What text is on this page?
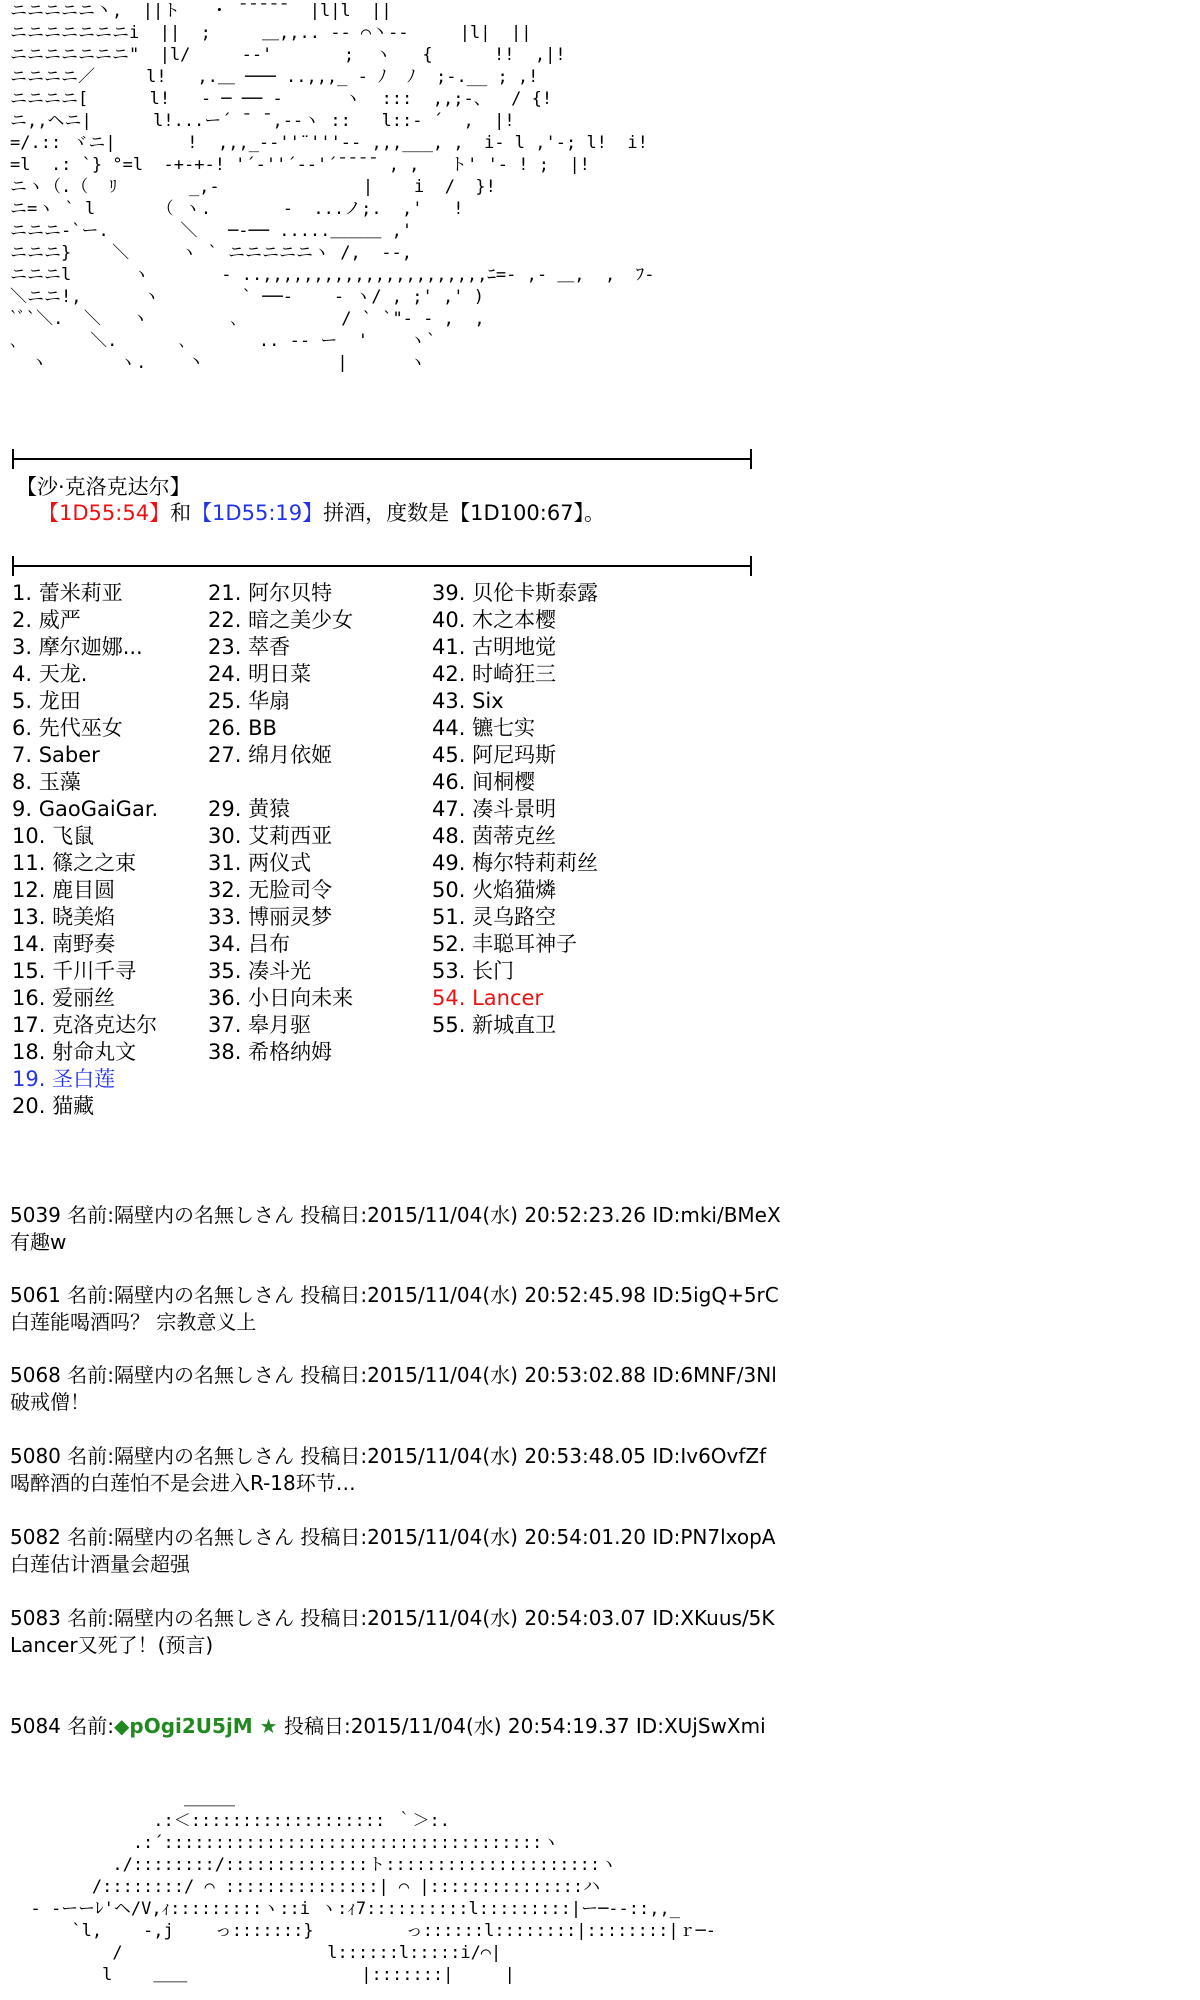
ニニニニニ丶,  ||ト   ・ ̄ ̄ ̄ ̄ ̄   |l|l  ||
ニニニニニニニi  ||  ;     ＿,,.. -‐ ⌒丶‐-     |l|  ||
ニニニニニニニ"  |l/     -‐'       ;  ヽ   {      !!  ,|!
ニニニニ／     l!   ,.＿ ─── ..,,,_ - ﾉ  ﾉ  ;-.__ ; ,!
ニニニニ[      l!   ‐ ─ ── ‐      ヽ  :::  ,,;-、  / {!
ニ,,ヘニ|      l!...ー´ ¯ ̄ ,--ヽ ::   l::‐ ´  ,  |!
=/.:: ヾニ|       !  ,,,_-‐''¨'''‐- ,,,___, ,  i- l ,'-; l!  i!
=l  .: `} °=l  -+-+-! '´‐''´-‐'´¯¯¯¯ , ,   ト' '‐ ! ;  |!
ニヽ（.（  ﾘ       _,‐              |    i  /  }!
ニ=ヽ ` l      （ ヽ.       -  ...ノ;.  ,'   !
ニニニ-`ー.       ＼   ─‐── .....＿＿＿ ,'
ニニニ}    ＼     ヽ ` ニニニニニヽ /,  ‐-,
ニニニl      ヽ       ‐ ..,,,,,,,,,,,,,,,,,,,,,,ﾆ=- ,‐ ＿,  ,  ﾌ‐
＼ニニ!,      ヽ        ` ──‐    ‐ ヽ/ , ;' ,' )
`ﾞ`＼.  ＼   ヽ        ､          / ` `"- - ,  ,
､       ＼.      ､       .. -‐ ー  '    ヽ`
ヽ       ヽ.    丶             |      ヽ
【沙·克洛克达尔】
【1D55:54】和【1D55:19】拼酒，度数是【1D100:67】。
1. 蕾米莉亚
2. 威严
3. 摩尔迦娜...
4. 天龙.
5. 龙田
6. 先代巫女
7. Saber
8. 玉藻
9. GaoGaiGar.
10. 飞鼠
11. 篠之之束
12. 鹿目圆
13. 晓美焰
14. 南野奏
15. 千川千寻
16. 爱丽丝
17. 克洛克达尔
18. 射命丸文
19. 圣白莲
20. 猫藏
21. 阿尔贝特
22. 暗之美少女
23. 萃香
24. 明日菜
25. 华扇
26. BB
27. 绵月依姬
29. 黄猿
30. 艾莉西亚
31. 两仪式
32. 无脸司令
33. 博丽灵梦
34. 吕布
35. 凑斗光
36. 小日向未来
37. 皋月驱
38. 希格纳姆
39. 贝伦卡斯泰露
40. 木之本樱
41. 古明地觉
42. 时崎狂三
43. Six
44. 镳七实
45. 阿尼玛斯
46. 间桐樱
47. 凑斗景明
48. 茵蒂克丝
49. 梅尔特莉莉丝
50. 火焰猫燐
51. 灵乌路空
52. 丰聪耳神子
53. 长门
54. Lancer
55. 新城直卫
5039 名前:隔壁内の名無しさん 投稿日:2015/11/04(水) 20:52:23.26 ID:mki/BMeX
有趣w
5061 名前:隔壁内の名無しさん 投稿日:2015/11/04(水) 20:52:45.98 ID:5igQ+5rC
白莲能喝酒吗？ 宗教意义上
5068 名前:隔壁内の名無しさん 投稿日:2015/11/04(水) 20:53:02.88 ID:6MNF/3Nl
破戒僧！
5080 名前:隔壁内の名無しさん 投稿日:2015/11/04(水) 20:53:48.05 ID:Iv6OvfZf
喝醉酒的白莲怕不是会进入R-18环节…
5082 名前:隔壁内の名無しさん 投稿日:2015/11/04(水) 20:54:01.20 ID:PN7lxopA
白莲估计酒量会超强
5083 名前:隔壁内の名無しさん 投稿日:2015/11/04(水) 20:54:03.07 ID:XKuus/5K
Lancer又死了！(预言)
5084 名前:◆pOgi2U5jM ★ 投稿日:2015/11/04(水) 20:54:19.37 ID:XUjSwXmi
＿＿＿
.:＜::::::::::::::::::: ｀＞:.
.:´:::::::::::::::::::::::::::::::::::::ヽ
./::::::::/::::::::::::::ト:::::::::::::::::::::ヽ
/::::::::/ ⌒ :::::::::::::::| ⌒ |:::::::::::::::ハ
- ‐ーーﾚ'ヘ/V,ｨ:::::::::ヽ::i ヽ:ｨ7::::::::::l:::::::::|ー─‐-::,,_
`l,    -,j    っ:::::::}         っ::::::l::::::::|::::::::|ｒ─‐
/                    l::::::l:::::i/⌒|
l    ＿＿                 |:::::::|     |
